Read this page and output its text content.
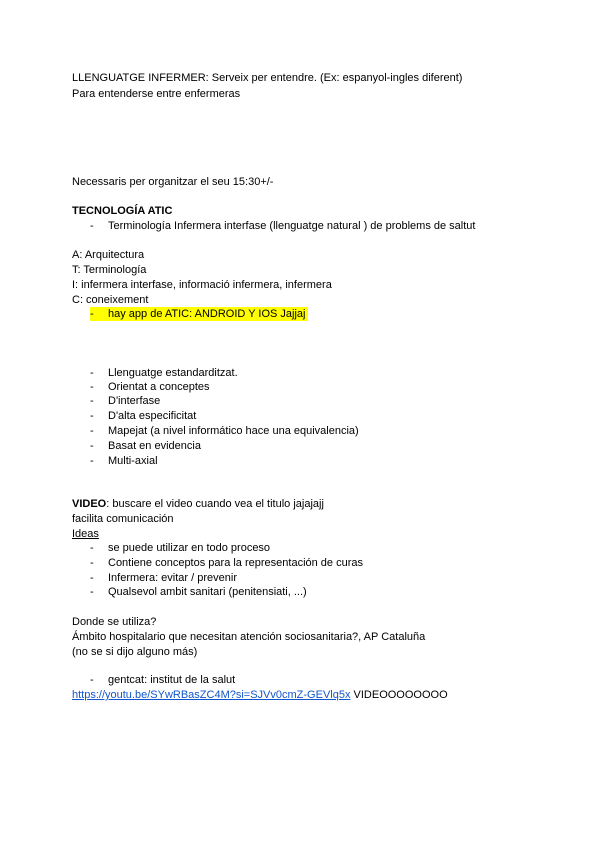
LLENGUATGE INFERMER: Serveix per entendre. (Ex: espanyol-ingles diferent)
Para entenderse entre enfermeras
Necessaris per organitzar el seu 15:30+/-
TECNOLOGÍA ATIC
- Terminología Infermera interfase (llenguatge natural ) de problems de saltut
A: Arquitectura
T: Terminología
I: infermera interfase, informació infermera, infermera
C: coneixement
- hay app de ATIC: ANDROID Y IOS Jajjaj
- Llenguatge estandarditzat.
- Orientat a conceptes
- D'interfase
- D'alta especificitat
- Mapejat (a nivel informático hace una equivalencia)
- Basat en evidencia
- Multi-axial
VIDEO: buscare el video cuando vea el titulo jajajajj
facilita comunicación
Ideas
- se puede utilizar en todo proceso
- Contiene conceptos para la representación de curas
- Infermera: evitar / prevenir
- Qualsevol ambit sanitari (penitensiati, ...)
Donde se utiliza?
Ámbito hospitalario que necesitan atención sociosanitaria?, AP Cataluña
(no se si dijo alguno más)
- gentcat: institut de la salut
https://youtu.be/SYwRBasZC4M?si=SJVv0cmZ-GEVlq5x VIDEOOOOOOOO
